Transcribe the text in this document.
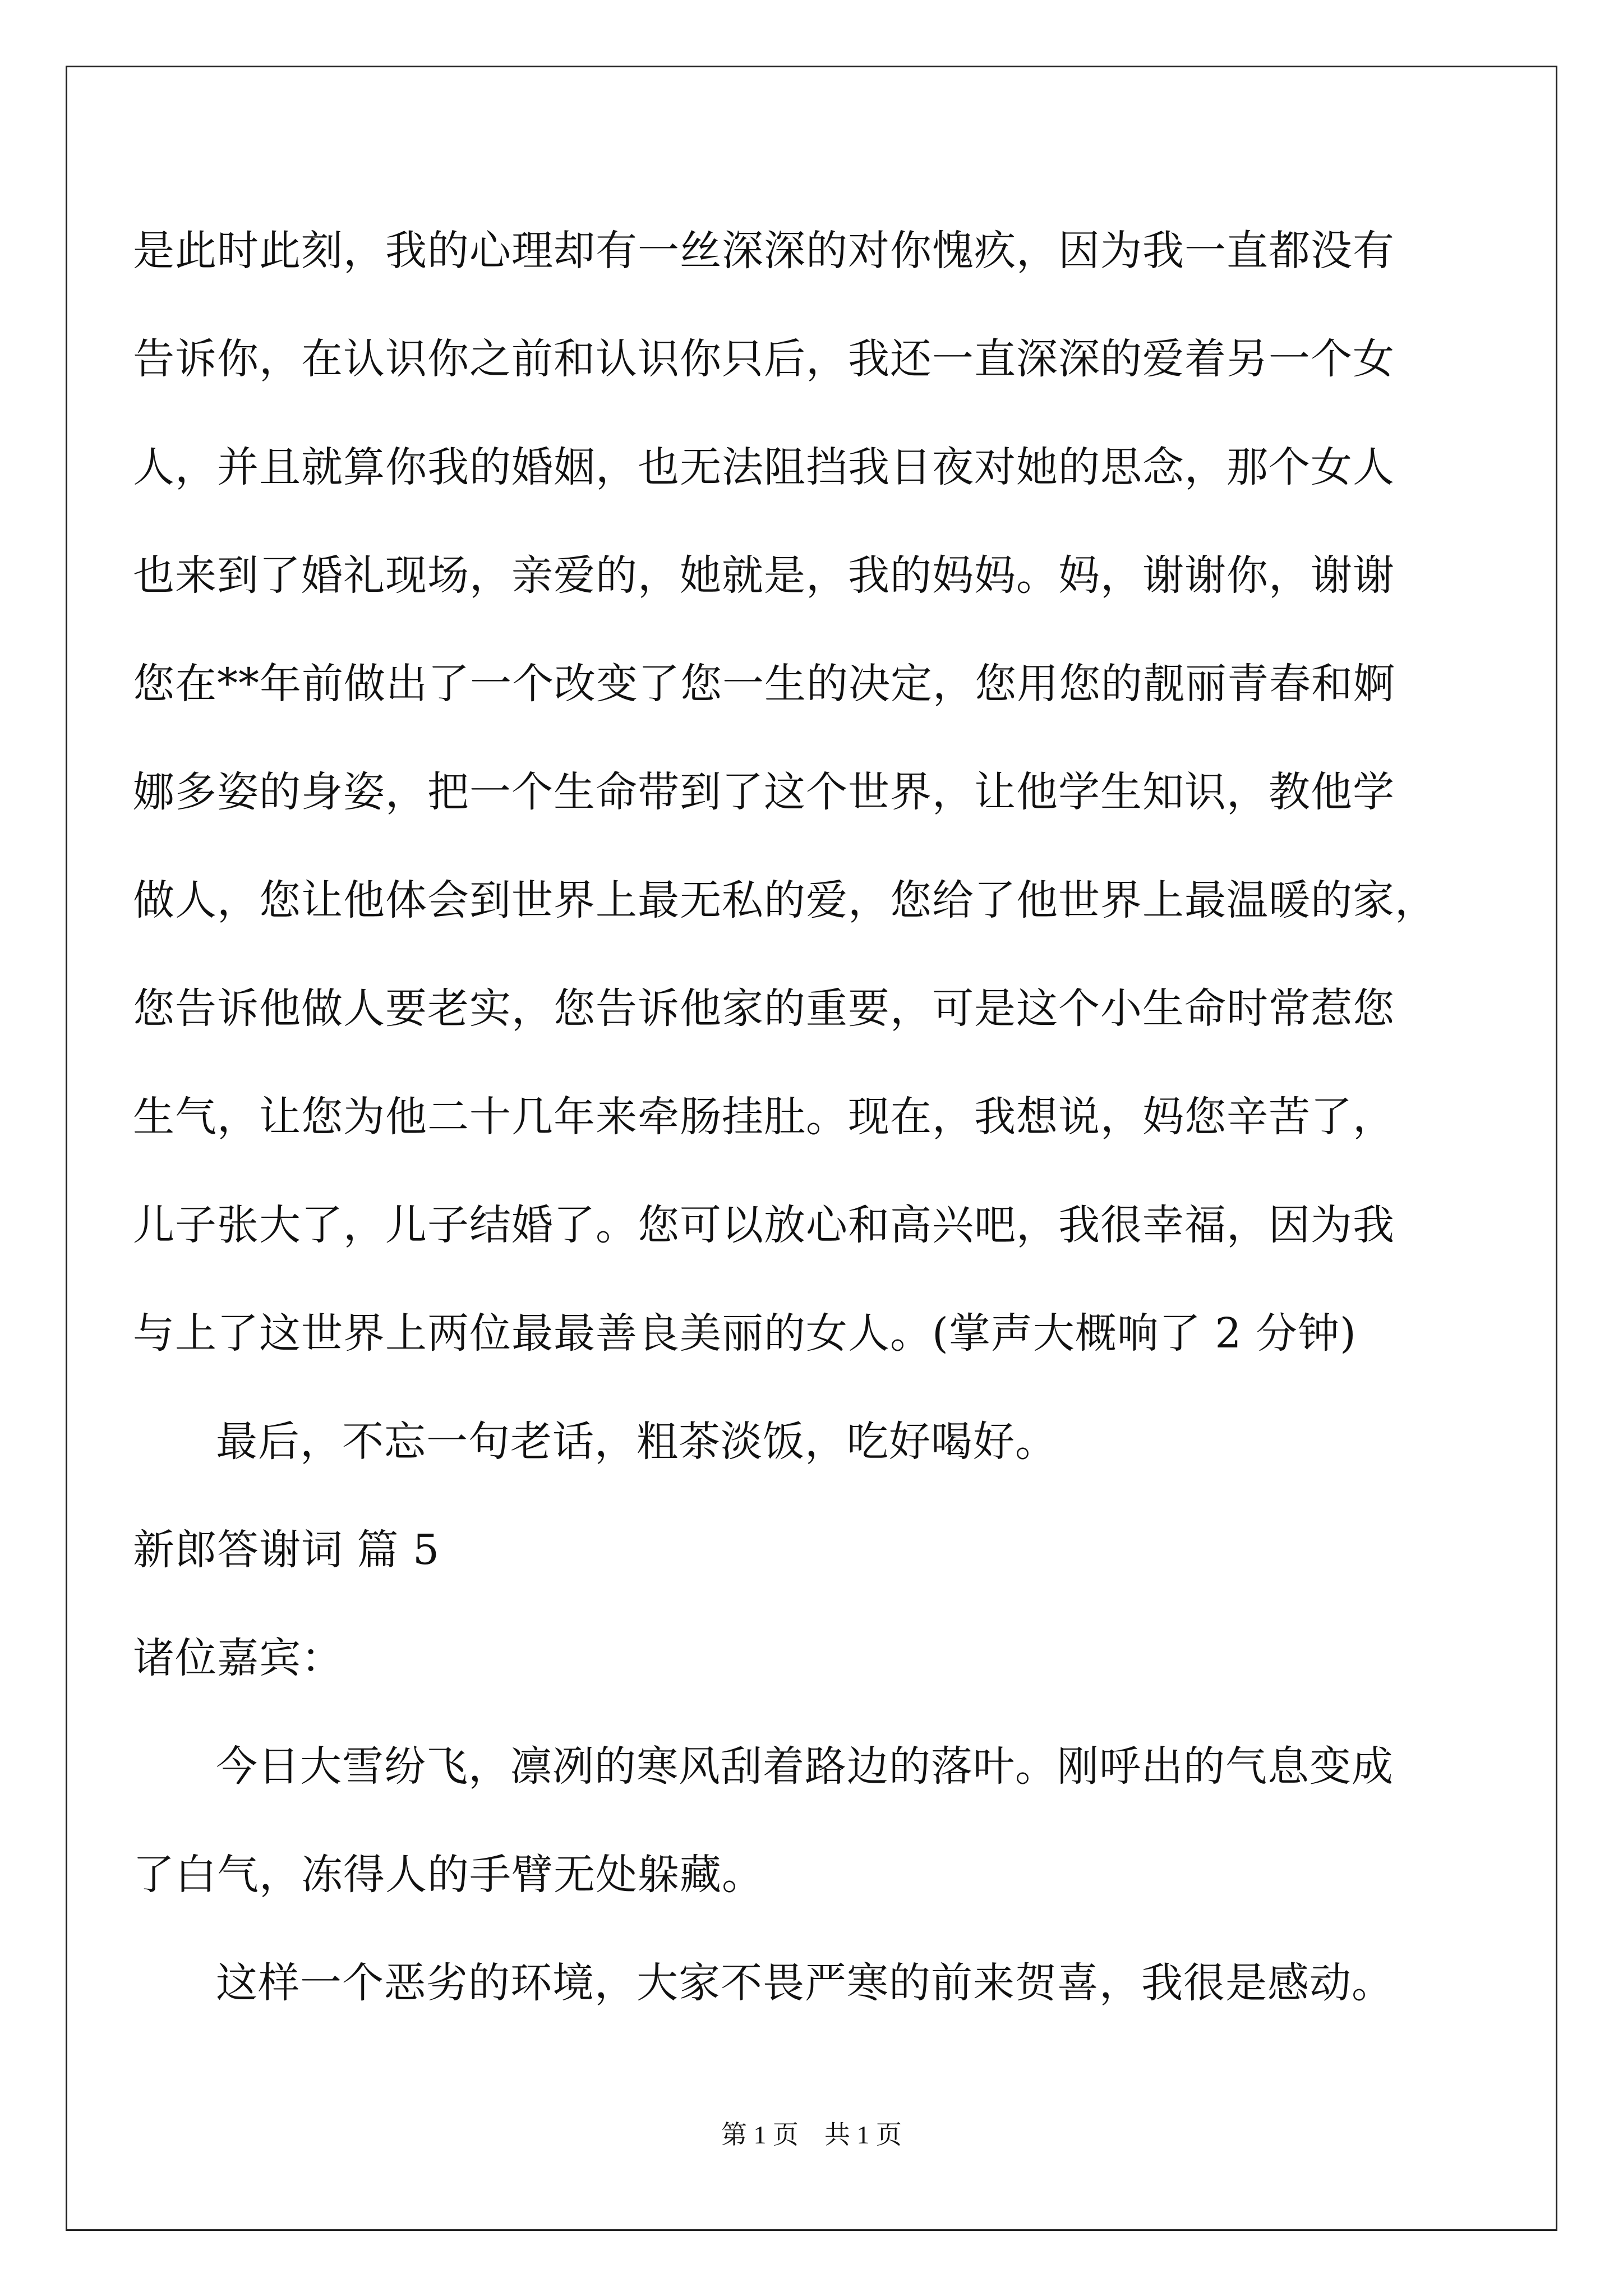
是此时此刻，我的心理却有一丝深深的对你愧疚，因为我一直都没有
告诉你，在认识你之前和认识你只后，我还一直深深的爱着另一个女
人，并且就算你我的婚姻，也无法阻挡我日夜对她的思念，那个女人
也来到了婚礼现场，亲爱的，她就是，我的妈妈。妈，谢谢你，谢谢
您在**年前做出了一个改变了您一生的决定，您用您的靓丽青春和婀
娜多姿的身姿，把一个生命带到了这个世界，让他学生知识，教他学
做人，您让他体会到世界上最无私的爱，您给了他世界上最温暖的家，
您告诉他做人要老实，您告诉他家的重要，可是这个小生命时常惹您
生气，让您为他二十几年来牵肠挂肚。现在，我想说，妈您辛苦了，
儿子张大了，儿子结婚了。您可以放心和高兴吧，我很幸福，因为我
与上了这世界上两位最最善良美丽的女人。(掌声大概响了 2 分钟)
最后，不忘一句老话，粗茶淡饭，吃好喝好。
新郎答谢词 篇 5
诸位嘉宾：
今日大雪纷飞，凛冽的寒风刮着路边的落叶。刚呼出的气息变成
了白气，冻得人的手臂无处躲藏。
这样一个恶劣的环境，大家不畏严寒的前来贺喜，我很是感动。
第 1 页　共 1 页
